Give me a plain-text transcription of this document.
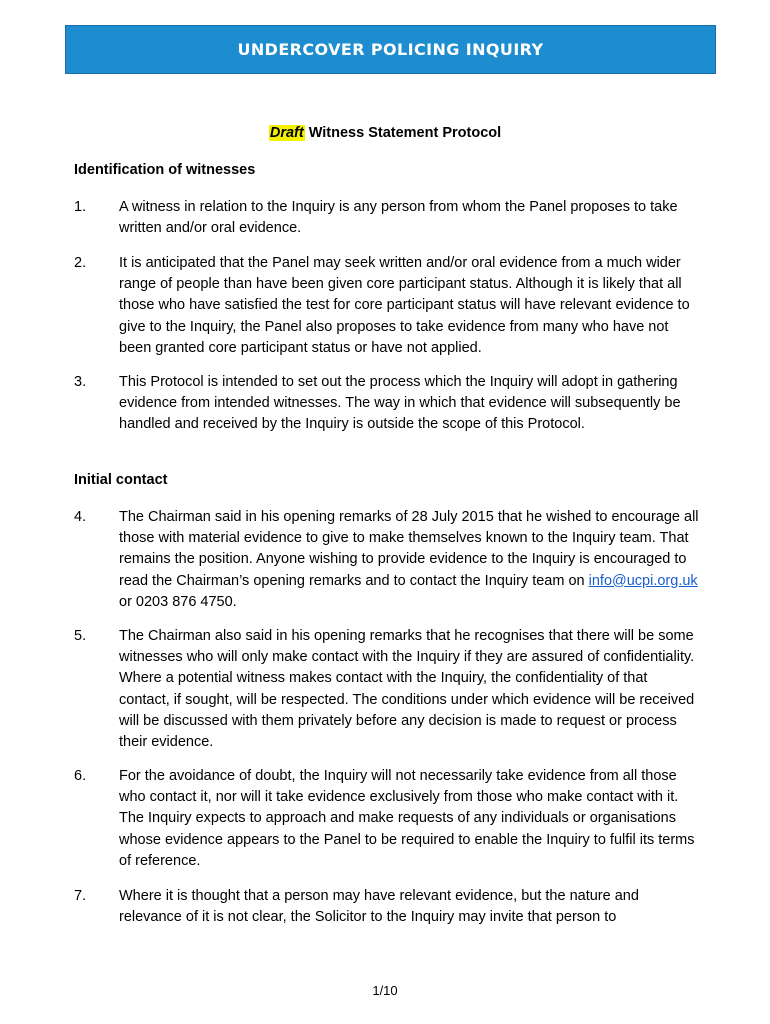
UNDERCOVER POLICING INQUIRY
Draft Witness Statement Protocol
Identification of witnesses
1. A witness in relation to the Inquiry is any person from whom the Panel proposes to take written and/or oral evidence.
2. It is anticipated that the Panel may seek written and/or oral evidence from a much wider range of people than have been given core participant status. Although it is likely that all those who have satisfied the test for core participant status will have relevant evidence to give to the Inquiry, the Panel also proposes to take evidence from many who have not been granted core participant status or have not applied.
3. This Protocol is intended to set out the process which the Inquiry will adopt in gathering evidence from intended witnesses. The way in which that evidence will subsequently be handled and received by the Inquiry is outside the scope of this Protocol.
Initial contact
4. The Chairman said in his opening remarks of 28 July 2015 that he wished to encourage all those with material evidence to give to make themselves known to the Inquiry team. That remains the position. Anyone wishing to provide evidence to the Inquiry is encouraged to read the Chairman’s opening remarks and to contact the Inquiry team on info@ucpi.org.uk or 0203 876 4750.
5. The Chairman also said in his opening remarks that he recognises that there will be some witnesses who will only make contact with the Inquiry if they are assured of confidentiality. Where a potential witness makes contact with the Inquiry, the confidentiality of that contact, if sought, will be respected. The conditions under which evidence will be received will be discussed with them privately before any decision is made to request or process their evidence.
6. For the avoidance of doubt, the Inquiry will not necessarily take evidence from all those who contact it, nor will it take evidence exclusively from those who make contact with it. The Inquiry expects to approach and make requests of any individuals or organisations whose evidence appears to the Panel to be required to enable the Inquiry to fulfil its terms of reference.
7. Where it is thought that a person may have relevant evidence, but the nature and relevance of it is not clear, the Solicitor to the Inquiry may invite that person to
1/10
